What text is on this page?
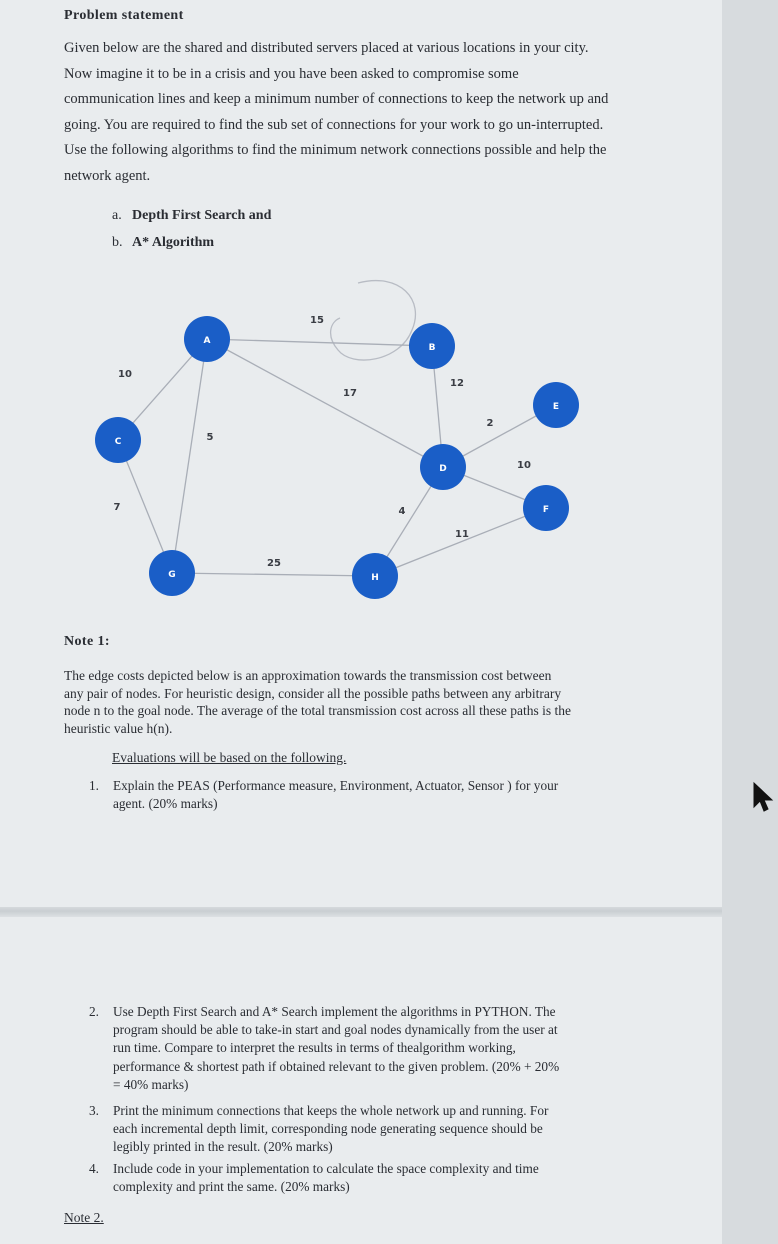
Problem statement
Given below are the shared and distributed servers placed at various locations in your city.
Now imagine it to be in a crisis and you have been asked to compromise some
communication lines and keep a minimum number of connections to keep the network up and
going. You are required to find the sub set of connections for your work to go un-interrupted.
Use the following algorithms to find the minimum network connections possible and help the
network agent.
a. Depth First Search and
b. A* Algorithm
15
10
17
5
12
2
10
4
11
7
25
A
B
C
D
E
F
G	H
Note 1:
The edge costs depicted below is an approximation towards the transmission cost between
any pair of nodes. For heuristic design, consider all the possible paths between any arbitrary
node n to the goal node. The average of the total transmission cost across all these paths is the
heuristic value h(n).
Evaluations will be based on the following.
1. Explain the PEAS (Performance measure, Environment, Actuator, Sensor ) for your
agent. (20% marks)
2. Use Depth First Search and A* Search implement the algorithms in PYTHON. The
program should be able to take-in start and goal nodes dynamically from the user at
run time. Compare to interpret the results in terms of thealgorithm working,
performance & shortest path if obtained relevant to the given problem. (20% + 20%
= 40% marks)
3. Print the minimum connections that keeps the whole network up and running. For
each incremental depth limit, corresponding node generating sequence should be
legibly printed in the result. (20% marks)
4. Include code in your implementation to calculate the space complexity and time
complexity and print the same. (20% marks)
Note 2.
